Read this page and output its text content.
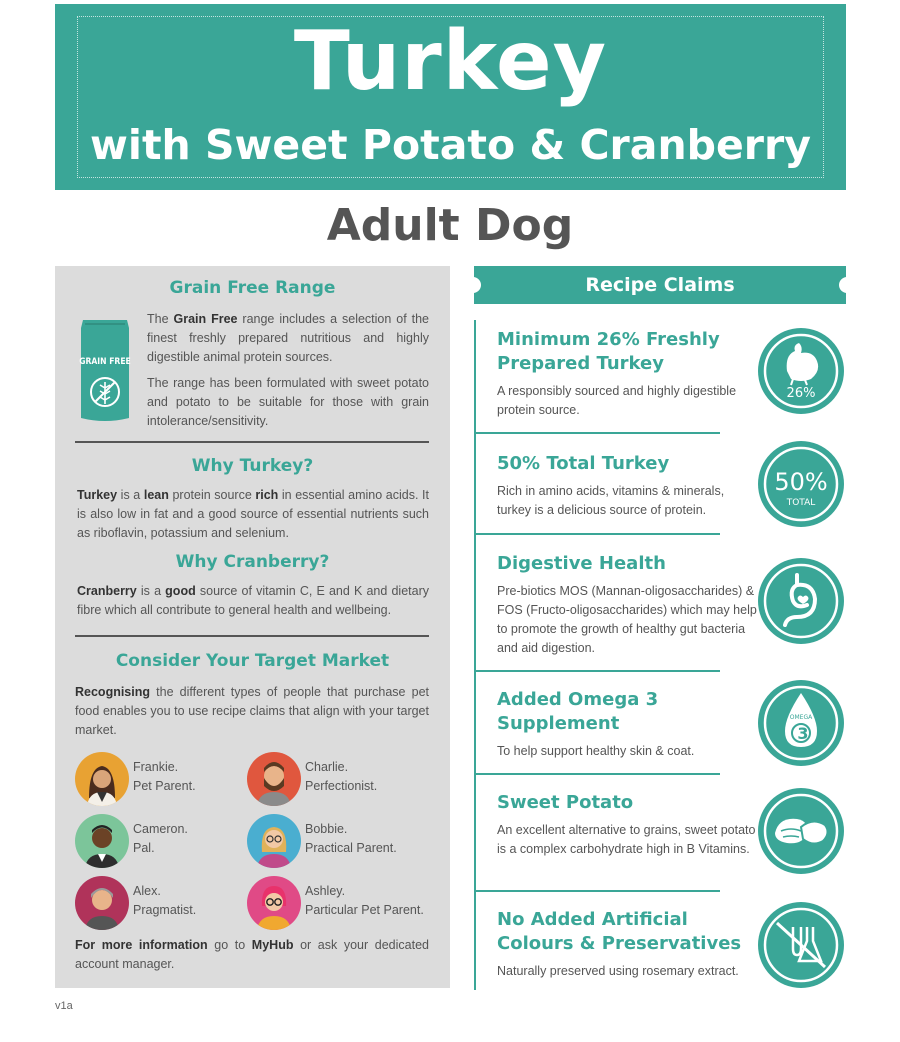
Turkey
with Sweet Potato & Cranberry
Adult Dog
Grain Free Range
GRAIN FREE
The Grain Free range includes a selection of the finest freshly prepared nutritious and highly digestible animal protein sources.
The range has been formulated with sweet potato and potato to be suitable for those with grain intolerance/sensitivity.
Why Turkey?
Turkey is a lean protein source rich in essential amino acids. It is also low in fat and a good source of essential nutrients such as riboflavin, potassium and selenium.
Why Cranberry?
Cranberry is a good source of vitamin C, E and K and dietary fibre which all contribute to general health and wellbeing.
Consider Your Target Market
Recognising the different types of people that purchase pet food enables you to use recipe claims that align with your target market.
Frankie.
Pet Parent.
Charlie.
Perfectionist.
Cameron.
Pal.
Bobbie.
Practical Parent.
Alex.
Pragmatist.
Ashley.
Particular Pet Parent.
For more information go to MyHub or ask your dedicated account manager.
Recipe Claims
Minimum 26% Freshly Prepared Turkey
A responsibly sourced and highly digestible protein source.
50% Total Turkey
Rich in amino acids, vitamins & minerals, turkey is a delicious source of protein.
Digestive Health
Pre-biotics MOS (Mannan-oligosaccharides) & FOS (Fructo-oligosaccharides) which may help to promote the growth of healthy gut bacteria and aid digestion.
Added Omega 3 Supplement
To help support healthy skin & coat.
Sweet Potato
An excellent alternative to grains, sweet potato is a complex carbohydrate high in B Vitamins.
No Added Artificial Colours & Preservatives
Naturally preserved using rosemary extract.
26%
50%
TOTAL
OMEGA
3
v1a
